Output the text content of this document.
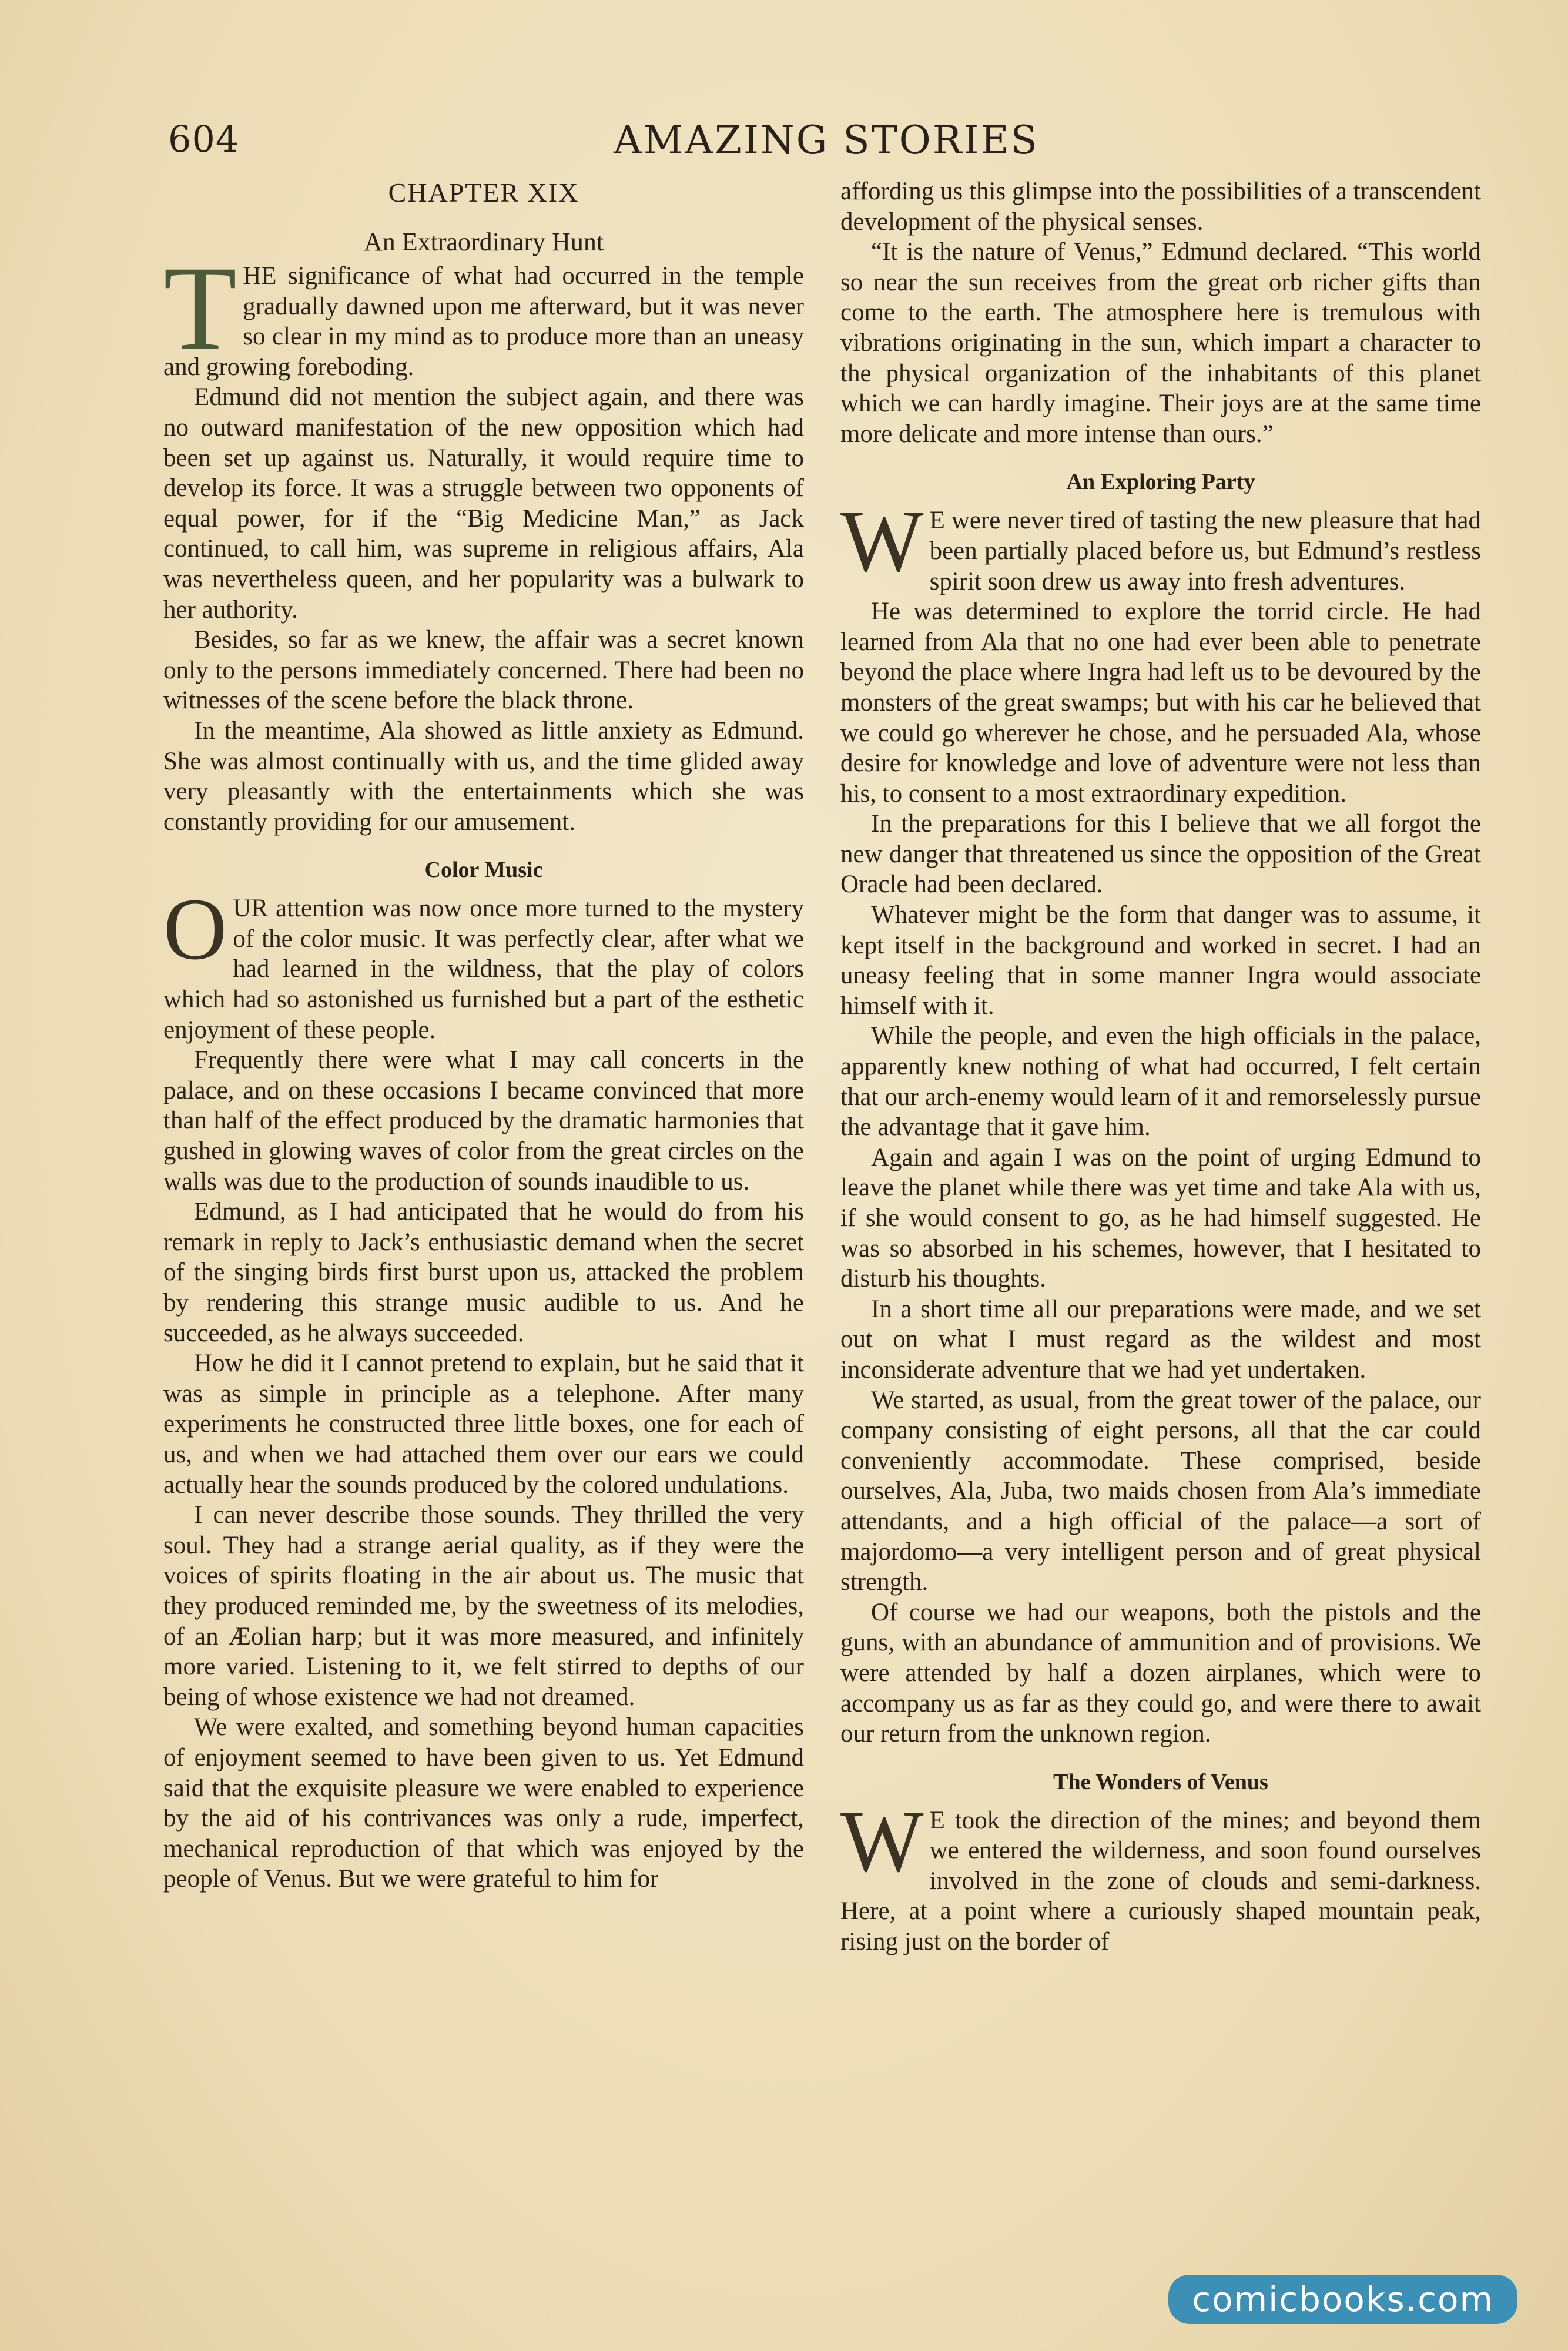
604	AMAZING STORIES
CHAPTER XIX
An Extraordinary Hunt

THE significance of what had occurred in the temple gradually dawned upon me afterward, but it was never so clear in my mind as to produce more than an uneasy and growing foreboding.

Edmund did not mention the subject again, and there was no outward manifestation of the new opposition which had been set up against us. Naturally, it would require time to develop its force. It was a struggle between two opponents of equal power, for if the “Big Medicine Man,” as Jack continued, to call him, was supreme in religious affairs, Ala was nevertheless queen, and her popularity was a bulwark to her authority.

Besides, so far as we knew, the affair was a secret known only to the persons immediately concerned. There had been no witnesses of the scene before the black throne.

In the meantime, Ala showed as little anxiety as Edmund. She was almost continually with us, and the time glided away very pleasantly with the entertainments which she was constantly providing for our amusement.

Color Music

OUR attention was now once more turned to the mystery of the color music. It was perfectly clear, after what we had learned in the wildness, that the play of colors which had so astonished us furnished but a part of the esthetic enjoyment of these people.

Frequently there were what I may call concerts in the palace, and on these occasions I became convinced that more than half of the effect produced by the dramatic harmonies that gushed in glowing waves of color from the great circles on the walls was due to the production of sounds inaudible to us.

Edmund, as I had anticipated that he would do from his remark in reply to Jack’s enthusiastic demand when the secret of the singing birds first burst upon us, attacked the problem by rendering this strange music audible to us. And he succeeded, as he always succeeded.

How he did it I cannot pretend to explain, but he said that it was as simple in principle as a telephone. After many experiments he constructed three little boxes, one for each of us, and when we had attached them over our ears we could actually hear the sounds produced by the colored undulations.

I can never describe those sounds. They thrilled the very soul. They had a strange aerial quality, as if they were the voices of spirits floating in the air about us. The music that they produced reminded me, by the sweetness of its melodies, of an Æolian harp; but it was more measured, and infinitely more varied. Listening to it, we felt stirred to depths of our being of whose existence we had not dreamed.

We were exalted, and something beyond human capacities of enjoyment seemed to have been given to us. Yet Edmund said that the exquisite pleasure we were enabled to experience by the aid of his contrivances was only a rude, imperfect, mechanical reproduction of that which was enjoyed by the people of Venus. But we were grateful to him for

affording us this glimpse into the possibilities of a transcendent development of the physical senses.

“It is the nature of Venus,” Edmund declared. “This world so near the sun receives from the great orb richer gifts than come to the earth. The atmosphere here is tremulous with vibrations originating in the sun, which impart a character to the physical organization of the inhabitants of this planet which we can hardly imagine. Their joys are at the same time more delicate and more intense than ours.”

An Exploring Party

W E were never tired of tasting the new pleasure that had been partially placed before us, but Edmund’s restless spirit soon drew us away into fresh adventures.

He was determined to explore the torrid circle. He had learned from Ala that no one had ever been able to penetrate beyond the place where Ingra had left us to be devoured by the monsters of the great swamps; but with his car he believed that we could go wherever he chose, and he persuaded Ala, whose desire for knowledge and love of adventure were not less than his, to consent to a most extraordinary expedition.

In the preparations for this I believe that we all forgot the new danger that threatened us since the opposition of the Great Oracle had been declared.

Whatever might be the form that danger was to assume, it kept itself in the background and worked in secret. I had an uneasy feeling that in some manner Ingra would associate himself with it.

While the people, and even the high officials in the palace, apparently knew nothing of what had occurred, I felt certain that our arch-enemy would learn of it and remorselessly pursue the advantage that it gave him.

Again and again I was on the point of urging Edmund to leave the planet while there was yet time and take Ala with us, if she would consent to go, as he had himself suggested. He was so absorbed in his schemes, however, that I hesitated to disturb his thoughts.

In a short time all our preparations were made, and we set out on what I must regard as the wildest and most inconsiderate adventure that we had yet undertaken.

We started, as usual, from the great tower of the palace, our company consisting of eight persons, all that the car could conveniently accommodate. These comprised, beside ourselves, Ala, Juba, two maids chosen from Ala’s immediate attendants, and a high official of the palace—a sort of majordomo—a very intelligent person and of great physical strength.

Of course we had our weapons, both the pistols and the guns, with an abundance of ammunition and of provisions. We were attended by half a dozen airplanes, which were to accompany us as far as they could go, and were there to await our return from the unknown region.

The Wonders of Venus

W E took the direction of the mines; and beyond them we entered the wilderness, and soon found ourselves involved in the zone of clouds and semi-darkness. Here, at a point where a curiously shaped mountain peak, rising just on the border of

comicbooks.com
